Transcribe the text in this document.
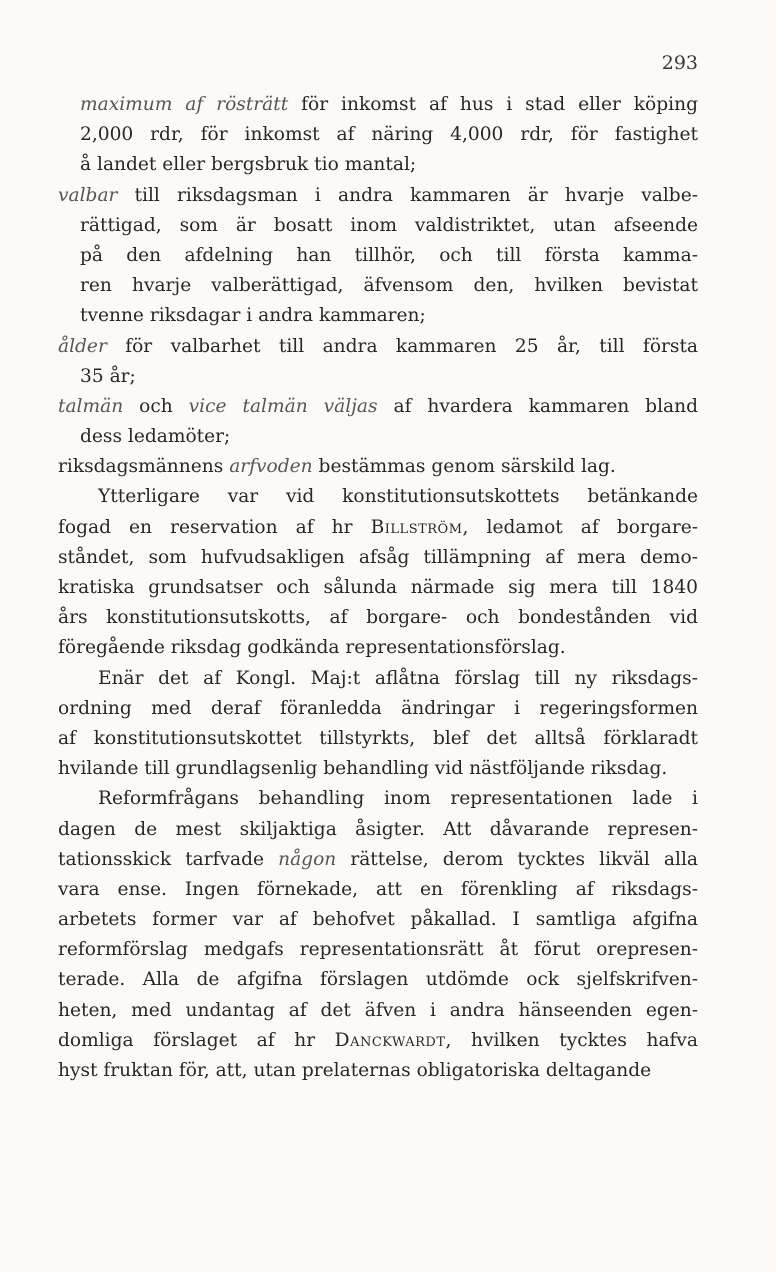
293
maximum af rösträtt för inkomst af hus i stad eller köping
2,000 rdr, för inkomst af näring 4,000 rdr, för fastighet
å landet eller bergsbruk tio mantal;
valbar till riksdagsman i andra kammaren är hvarje valbe-
rättigad, som är bosatt inom valdistriktet, utan afseende
på den afdelning han tillhör, och till första kamma-
ren hvarje valberättigad, äfvensom den, hvilken bevistat
tvenne riksdagar i andra kammaren;
ålder för valbarhet till andra kammaren 25 år, till första
35 år;
talmän och vice talmän väljas af hvardera kammaren bland
dess ledamöter;
riksdagsmännens arfvoden bestämmas genom särskild lag.
Ytterligare var vid konstitutionsutskottets betänkande
fogad en reservation af hr Billström, ledamot af borgare-
ståndet, som hufvudsakligen afsåg tillämpning af mera demo-
kratiska grundsatser och sålunda närmade sig mera till 1840
års konstitutionsutskotts, af borgare- och bondestånden vid
föregående riksdag godkända representationsförslag.
Enär det af Kongl. Maj:t aflåtna förslag till ny riksdags-
ordning med deraf föranledda ändringar i regeringsformen
af konstitutionsutskottet tillstyrkts, blef det alltså förklaradt
hvilande till grundlagsenlig behandling vid nästföljande riksdag.
Reformfrågans behandling inom representationen lade i
dagen de mest skiljaktiga åsigter. Att dåvarande represen-
tationsskick tarfvade någon rättelse, derom tycktes likväl alla
vara ense. Ingen förnekade, att en förenkling af riksdags-
arbetets former var af behofvet påkallad. I samtliga afgifna
reformförslag medgafs representationsrätt åt förut orepresen-
terade. Alla de afgifna förslagen utdömde ock sjelfskrifven-
heten, med undantag af det äfven i andra hänseenden egen-
domliga förslaget af hr Danckwardt, hvilken tycktes hafva
hyst fruktan för, att, utan prelaternas obligatoriska deltagande
